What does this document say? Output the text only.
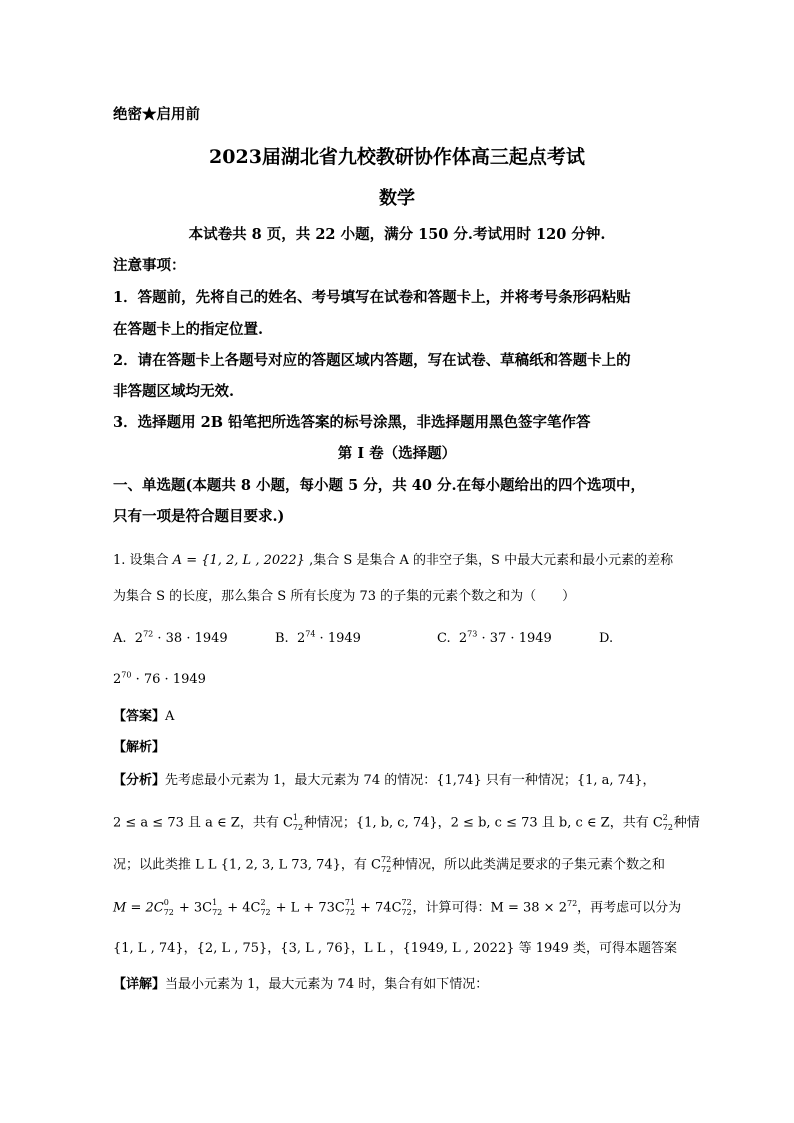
绝密★启用前
2023届湖北省九校教研协作体高三起点考试
数学
本试卷共 8 页，共 22 小题，满分 150 分.考试用时 120 分钟.
注意事项：
1．答题前，先将自己的姓名、考号填写在试卷和答题卡上，并将考号条形码粘贴
在答题卡上的指定位置.
2．请在答题卡上各题号对应的答题区域内答题，写在试卷、草稿纸和答题卡上的
非答题区域均无效.
3．选择题用 2B 铅笔把所选答案的标号涂黑，非选择题用黑色签字笔作答
第 I 卷（选择题）
一、单选题(本题共 8 小题，每小题 5 分，共 40 分.在每小题给出的四个选项中，
只有一项是符合题目要求.)
1. 设集合 A = {1, 2, L , 2022} ,集合 S 是集合 A 的非空子集，S 中最大元素和最小元素的差称
为集合 S 的长度，那么集合 S 所有长度为 73 的子集的元素个数之和为（　　）
A. $2^{72} \cdot 38 \cdot 1949$	B. $2^{74} \cdot 1949$	C. $2^{73} \cdot 37 \cdot 1949$	D.
$2^{70} \cdot 76 \cdot 1949$
【答案】A
【解析】
【分析】先考虑最小元素为 1，最大元素为 74 的情况：{1,74} 只有一种情况；{1, a, 74}，
2 ≤ a ≤ 73 且 a ∈ Z，共有 C 1
72 种情况；{1, b, c, 74}，2 ≤ b, c ≤ 73 且 b, c ∈ Z，共有 C 2
72 种情
况；以此类推 L L {1, 2, 3, L 73, 74}，有 C 72
72 种情况，所以此类满足要求的子集元素个数之和
M = 2C 0
72 + 3C 1
72 + 4C 2
72 + L + 73C 71
72 + 74C 72
72 ，计算可得：$M = 38 \times 2^{72}$，再考虑可以分为
{1, L , 74}，{2, L , 75}，{3, L , 76}，L L ，{1949, L , 2022} 等 1949 类，可得本题答案
【详解】当最小元素为 1，最大元素为 74 时，集合有如下情况：
